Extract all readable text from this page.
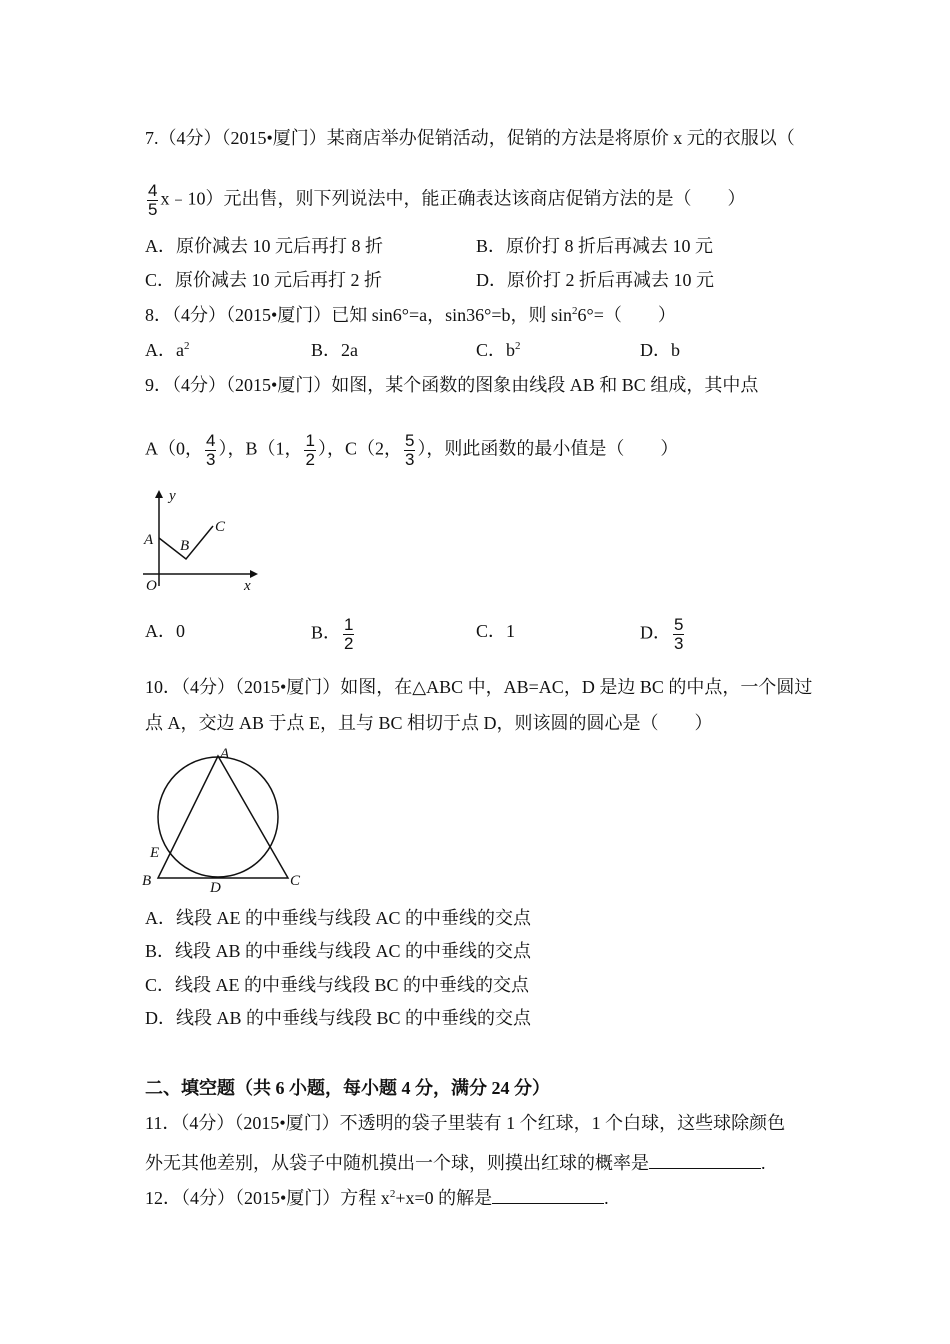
7.（4分）（2015•厦门）某商店举办促销活动，促销的方法是将原价 x 元的衣服以（
$\frac{4}{5}$ x﹣10）元出售，则下列说法中，能正确表达该商店促销方法的是（　　）
A．原价减去 10 元后再打 8 折	B．原价打 8 折后再减去 10 元
C．原价减去 10 元后再打 2 折	D．原价打 2 折后再减去 10 元
8．（4分）（2015•厦门）已知 sin6°=a，sin36°=b，则 $\sin^26^\circ=$（　　）
A．$a^2$	B．2a	C．$b^2$	D．b
9．（4分）（2015•厦门）如图，某个函数的图象由线段 AB 和 BC 组成，其中点
A（0， $\frac{4}{3}$ ），B（1， $\frac{1}{2}$ ），C（2， $\frac{5}{3}$ ），则此函数的最小值是（　　）
y
A B
C
O	x
A．0	B． $\frac{1}{2}$	C．1	D． $\frac{5}{3}$
10．（4分）（2015•厦门）如图，在△ABC 中，AB=AC，D 是边 BC 的中点，一个圆过
点 A，交边 AB 于点 E，且与 BC 相切于点 D，则该圆的圆心是（　　）
A
E
B	D	C
A．线段 AE 的中垂线与线段 AC 的中垂线的交点
B．线段 AB 的中垂线与线段 AC 的中垂线的交点
C．线段 AE 的中垂线与线段 BC 的中垂线的交点
D．线段 AB 的中垂线与线段 BC 的中垂线的交点
二、填空题（共 6 小题，每小题 4 分，满分 24 分）
11．（4分）（2015•厦门）不透明的袋子里装有 1 个红球，1 个白球，这些球除颜色
外无其他差别，从袋子中随机摸出一个球，则摸出红球的概率是	.
12．（4分）（2015•厦门）方程 $x^2+x=0$ 的解是	.
